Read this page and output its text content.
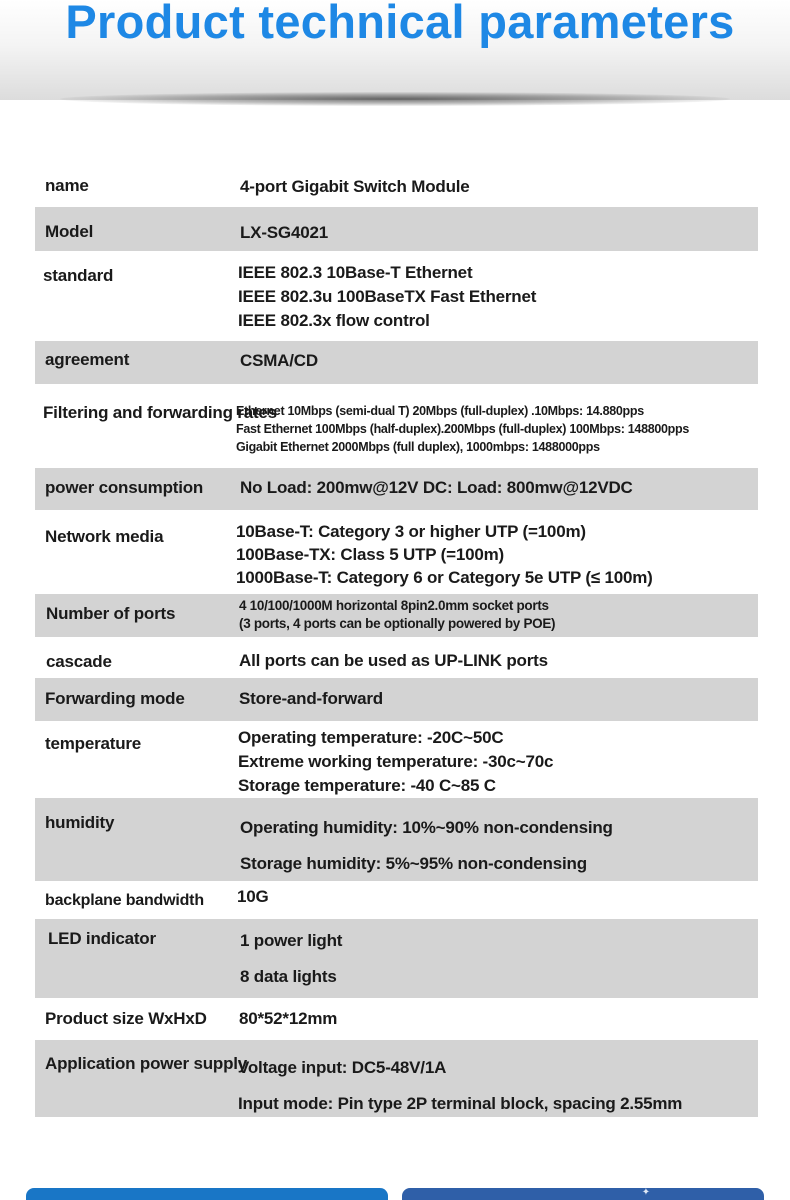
Product technical parameters
name	4-port Gigabit Switch Module
Model	LX-SG4021
standard	IEEE 802.3 10Base-T Ethernet
IEEE 802.3u 100BaseTX Fast Ethernet
IEEE 802.3x flow control
agreement	CSMA/CD
Filtering and forwarding rates
Ethernet 10Mbps (semi-dual T) 20Mbps (full-duplex) .10Mbps: 14.880pps
Fast Ethernet 100Mbps (half-duplex).200Mbps (full-duplex) 100Mbps: 148800pps
Gigabit Ethernet 2000Mbps (full duplex), 1000mbps: 1488000pps
power consumption No Load: 200mw@12V DC: Load: 800mw@12VDC
Network media	10Base-T: Category 3 or higher UTP (=100m)
100Base-TX: Class 5 UTP (=100m)
1000Base-T: Category 6 or Category 5e UTP (≤ 100m)
Number of ports	4 10/100/1000M horizontal 8pin2.0mm socket ports
(3 ports, 4 ports can be optionally powered by POE)
cascade	All ports can be used as UP-LINK ports
Forwarding mode	Store-and-forward
temperature	Operating temperature: -20C~50C
Extreme working temperature: -30c~70c
Storage temperature: -40 C~85 C
humidity	Operating humidity: 10%~90% non-condensing
Storage humidity: 5%~95% non-condensing
backplane bandwidth 10G
LED indicator	1 power light
8 data lights
Product size WxHxD 80*52*12mm
Application power supply
Voltage input: DC5-48V/1A
Input mode: Pin type 2P terminal block, spacing 2.55mm
✦
